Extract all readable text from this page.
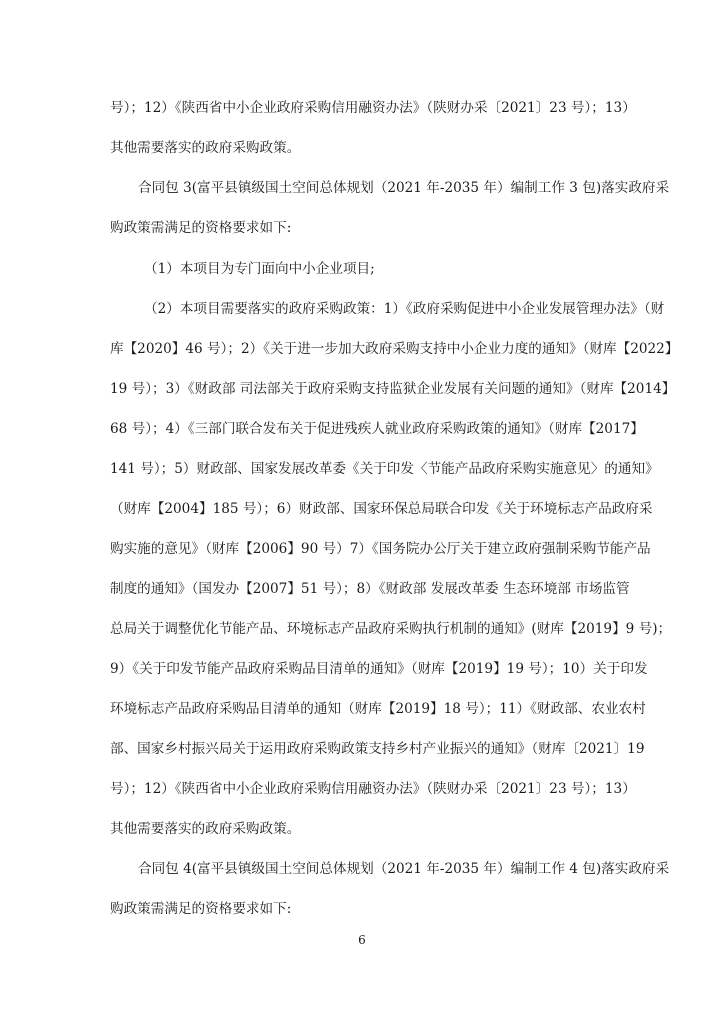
号）；12）《陕西省中小企业政府采购信用融资办法》（陕财办采〔2021〕23 号）；13）
其他需要落实的政府采购政策。
合同包 3(富平县镇级国土空间总体规划（2021 年-2035 年）编制工作 3 包)落实政府采
购政策需满足的资格要求如下:
（1）本项目为专门面向中小企业项目;
（2）本项目需要落实的政府采购政策：1）《政府采购促进中小企业发展管理办法》（财
库【2020】46 号）；2）《关于进一步加大政府采购支持中小企业力度的通知》（财库【2022】
19 号）；3）《财政部 司法部关于政府采购支持监狱企业发展有关问题的通知》（财库【2014】
68 号）；4）《三部门联合发布关于促进残疾人就业政府采购政策的通知》（财库【2017】
141 号）；5）财政部、国家发展改革委《关于印发〈节能产品政府采购实施意见〉的通知》
（财库【2004】185 号）；6）财政部、国家环保总局联合印发《关于环境标志产品政府采
购实施的意见》（财库【2006】90 号）7）《国务院办公厅关于建立政府强制采购节能产品
制度的通知》（国发办【2007】51 号）；8）《财政部 发展改革委 生态环境部 市场监管
总局关于调整优化节能产品、环境标志产品政府采购执行机制的通知》(财库【2019】9 号)；
9）《关于印发节能产品政府采购品目清单的通知》（财库【2019】19 号）；10）关于印发
环境标志产品政府采购品目清单的通知（财库【2019】18 号）；11）《财政部、农业农村
部、国家乡村振兴局关于运用政府采购政策支持乡村产业振兴的通知》（财库〔2021〕19
号）；12）《陕西省中小企业政府采购信用融资办法》（陕财办采〔2021〕23 号）；13）
其他需要落实的政府采购政策。
合同包 4(富平县镇级国土空间总体规划（2021 年-2035 年）编制工作 4 包)落实政府采
购政策需满足的资格要求如下:
6
